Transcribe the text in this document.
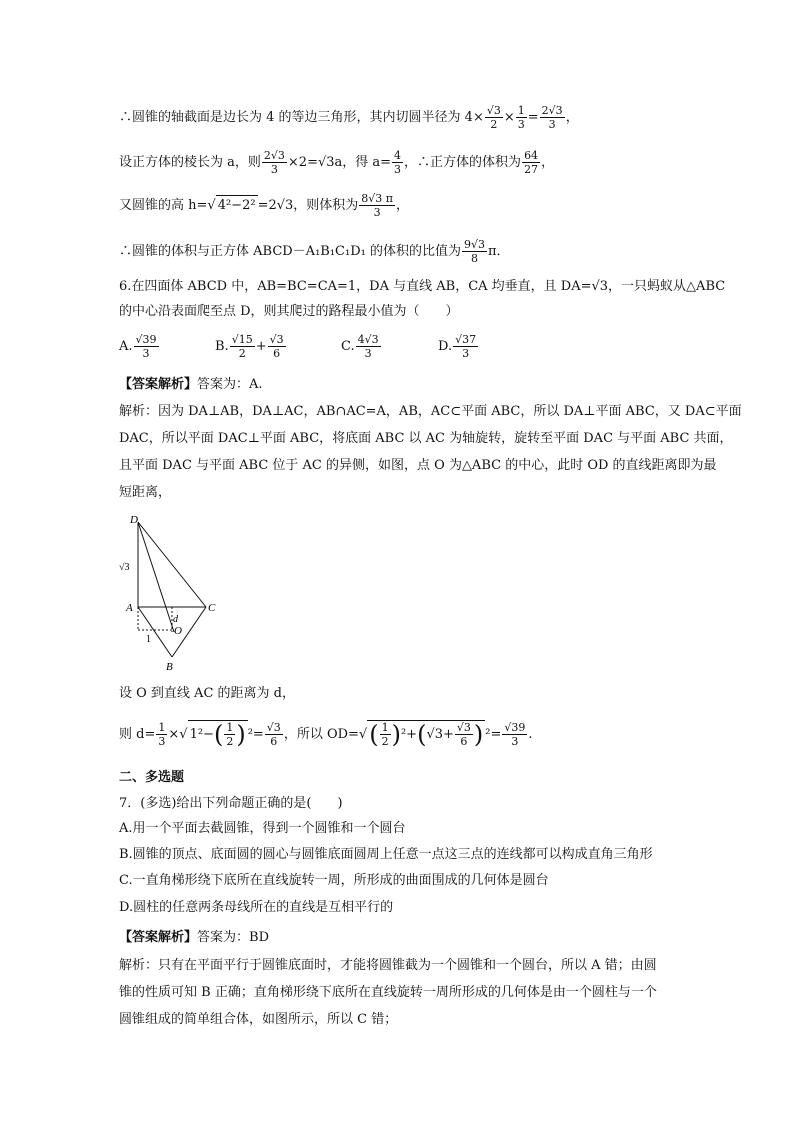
∴圆锥的轴截面是边长为 4 的等边三角形，其内切圆半径为 $4\times \frac{√3}{2} \times \frac{1}{3} = \frac{2√3}{3}$ ，
设正方体的棱长为 a，则 $\frac{2√3}{3} \times 2=√3a$，得 $a= \frac{4}{3}$ ，∴正方体的体积为 $\frac{64}{27}$ ，
又圆锥的高 h=√ 4²−2² =2√3，则体积为 $\frac{8√3 \pi}{3}$ ，
∴圆锥的体积与正方体 ABCD－A₁B₁C₁D₁ 的体积的比值为 $\frac{9√3}{8}$ π．
6.在四面体 ABCD 中，AB=BC=CA=1，DA 与直线 AB，CA 均垂直，且 DA=√3，一只蚂蚁从△ABC
的中心沿表面爬至点 D，则其爬过的路程最小值为（　　）
A. $\frac{√39}{3}$	B. $\frac{√15}{2} + \frac{√3}{6}$	C. $\frac{4√3}{3}$	D. $\frac{√37}{3}$
【答案解析】答案为：A.
解析：因为 DA⊥AB，DA⊥AC，AB∩AC=A，AB，AC⊂平面 ABC，所以 DA⊥平面 ABC，又 DA⊂平面
DAC，所以平面 DAC⊥平面 ABC，将底面 ABC 以 AC 为轴旋转，旋转至平面 DAC 与平面 ABC 共面，
且平面 DAC 与平面 ABC 位于 AC 的异侧，如图，点 O 为△ABC 的中心，此时 OD 的直线距离即为最
短距离，
D
√3
A	C
d
O
1
B
设 O 到直线 AC 的距离为 d，
则 $d= \frac{1}{3}$ ×√ $1^2-( \frac{1}{2}$ ) $^2= \frac{√3}{6}$ ，所以 $OD=√( \frac{1}{2} )^2+(√3+ \frac{√3}{6}$ ) $^2= \frac{√39}{3}$ .
二、多选题
7．(多选)给出下列命题正确的是(　　)
A.用一个平面去截圆锥，得到一个圆锥和一个圆台
B.圆锥的顶点、底面圆的圆心与圆锥底面圆周上任意一点这三点的连线都可以构成直角三角形
C.一直角梯形绕下底所在直线旋转一周，所形成的曲面围成的几何体是圆台
D.圆柱的任意两条母线所在的直线是互相平行的
【答案解析】答案为：BD
解析：只有在平面平行于圆锥底面时，才能将圆锥截为一个圆锥和一个圆台，所以 A 错；由圆
锥的性质可知 B 正确；直角梯形绕下底所在直线旋转一周所形成的几何体是由一个圆柱与一个
圆锥组成的简单组合体，如图所示，所以 C 错；
